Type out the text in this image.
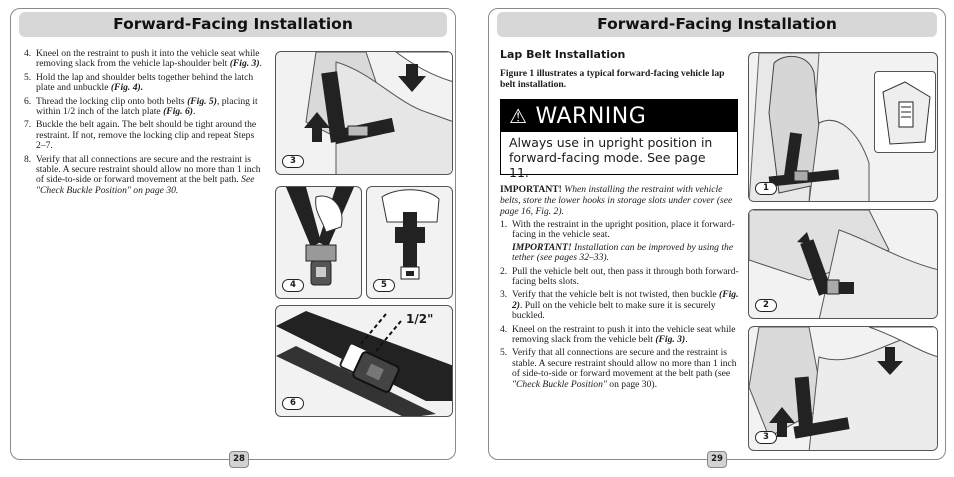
Forward-Facing Installation
4. Kneel on the restraint to push it into the vehicle seat while removing slack from the vehicle lap-shoulder belt (Fig. 3).
5. Hold the lap and shoulder belts together behind the latch plate and unbuckle (Fig. 4).
6. Thread the locking clip onto both belts (Fig. 5), placing it within 1/2 inch of the latch plate (Fig. 6).
7. Buckle the belt again. The belt should be tight around the restraint. If not, remove the locking clip and repeat Steps 2–7.
8. Verify that all connections are secure and the restraint is stable. A secure restraint should allow no more than 1 inch of side-to-side or forward movement at the belt path. See "Check Buckle Position" on page 30.
3
4	5
1/2"
6
28
Forward-Facing Installation
Lap Belt Installation
Figure 1 illustrates a typical forward-facing vehicle lap belt installation.
⚠ WARNING
Always use in upright position in forward-facing mode. See page 11.
IMPORTANT! When installing the restraint with vehicle belts, store the lower hooks in storage slots under cover (see page 16, Fig. 2).
1. With the restraint in the upright position, place it forward-facing in the vehicle seat.
IMPORTANT! Installation can be improved by using the tether (see pages 32–33).
2. Pull the vehicle belt out, then pass it through both forward-facing belts slots.
3. Verify that the vehicle belt is not twisted, then buckle (Fig. 2). Pull on the vehicle belt to make sure it is securely buckled.
4. Kneel on the restraint to push it into the vehicle seat while removing slack from the vehicle belt (Fig. 3).
5. Verify that all connections are secure and the restraint is stable. A secure restraint should allow no more than 1 inch of side-to-side or forward movement at the belt path (see "Check Buckle Position" on page 30).
1
2
3
29
